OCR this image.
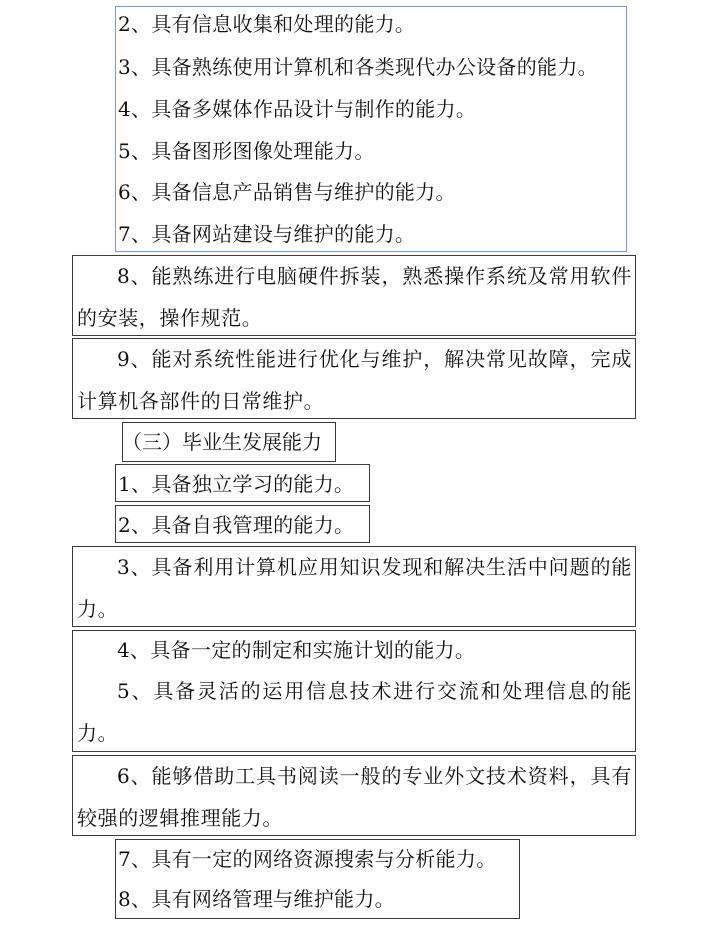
2、具有信息收集和处理的能力。
3、具备熟练使用计算机和各类现代办公设备的能力。
4、具备多媒体作品设计与制作的能力。
5、具备图形图像处理能力。
6、具备信息产品销售与维护的能力。
7、具备网站建设与维护的能力。
8、能熟练进行电脑硬件拆装，熟悉操作系统及常用软件的安装，操作规范。
9、能对系统性能进行优化与维护，解决常见故障，完成计算机各部件的日常维护。
（三）毕业生发展能力
1、具备独立学习的能力。
2、具备自我管理的能力。
3、具备利用计算机应用知识发现和解决生活中问题的能力。
4、具备一定的制定和实施计划的能力。
5、具备灵活的运用信息技术进行交流和处理信息的能力。
6、能够借助工具书阅读一般的专业外文技术资料，具有较强的逻辑推理能力。
7、具有一定的网络资源搜索与分析能力。
8、具有网络管理与维护能力。
